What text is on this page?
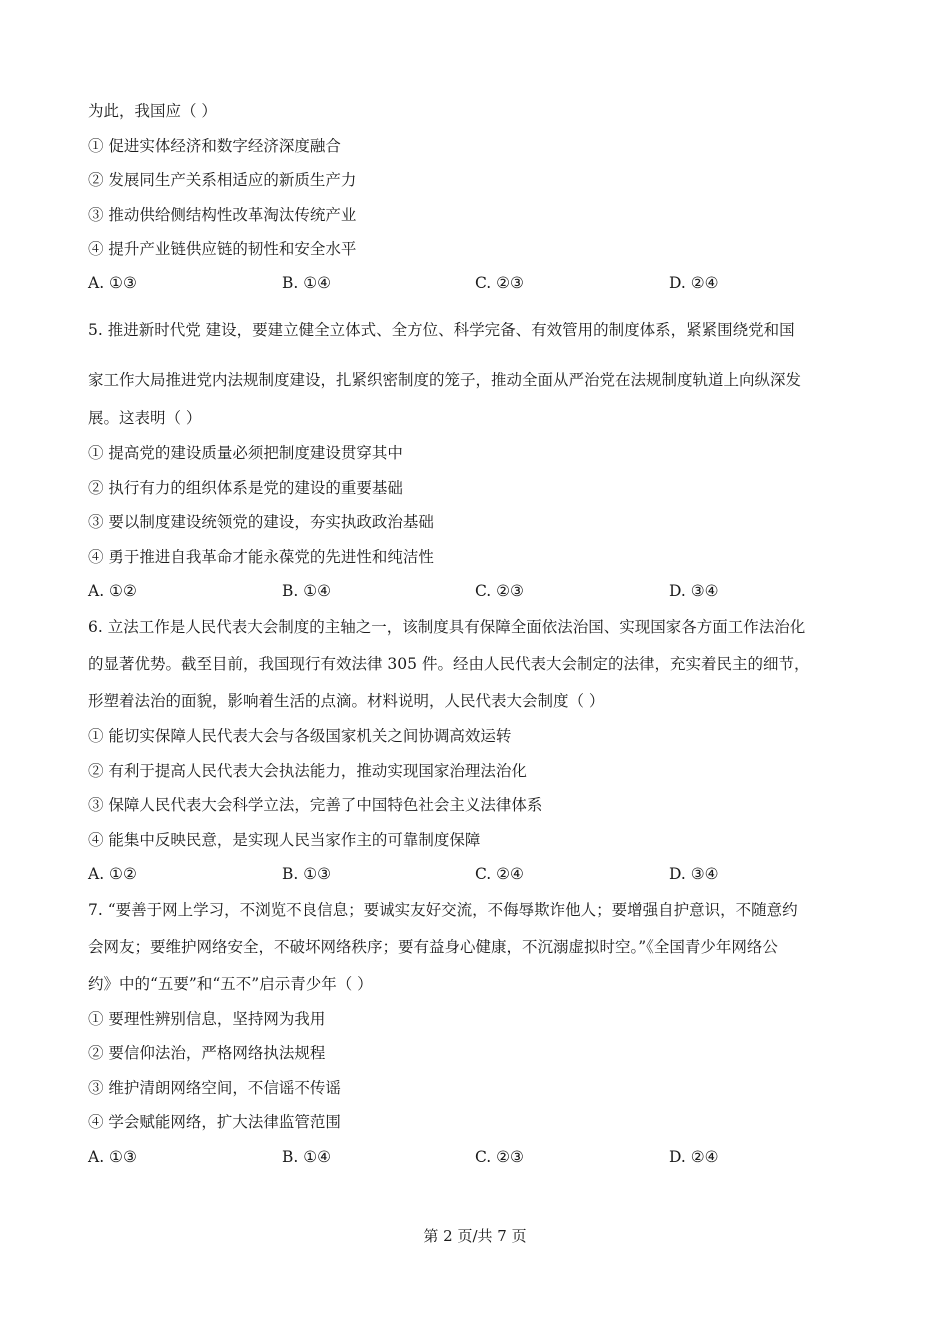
为此，我国应（ ）
① 促进实体经济和数字经济深度融合
② 发展同生产关系相适应的新质生产力
③ 推动供给侧结构性改革淘汰传统产业
④ 提升产业链供应链的韧性和安全水平
A. ①③	B. ①④	C. ②③	D. ②④
5. 推进新时代党 建设，要建立健全立体式、全方位、科学完备、有效管用的制度体系，紧紧围绕党和国
家工作大局推进党内法规制度建设，扎紧织密制度的笼子，推动全面从严治党在法规制度轨道上向纵深发
展。这表明（ ）
① 提高党的建设质量必须把制度建设贯穿其中
② 执行有力的组织体系是党的建设的重要基础
③ 要以制度建设统领党的建设，夯实执政政治基础
④ 勇于推进自我革命才能永葆党的先进性和纯洁性
A. ①②	B. ①④	C. ②③	D. ③④
6. 立法工作是人民代表大会制度的主轴之一，该制度具有保障全面依法治国、实现国家各方面工作法治化
的显著优势。截至目前，我国现行有效法律 305 件。经由人民代表大会制定的法律，充实着民主的细节，
形塑着法治的面貌，影响着生活的点滴。材料说明，人民代表大会制度（ ）
① 能切实保障人民代表大会与各级国家机关之间协调高效运转
② 有利于提高人民代表大会执法能力，推动实现国家治理法治化
③ 保障人民代表大会科学立法，完善了中国特色社会主义法律体系
④ 能集中反映民意，是实现人民当家作主的可靠制度保障
A. ①②	B. ①③	C. ②④	D. ③④
7. “要善于网上学习，不浏览不良信息；要诚实友好交流，不侮辱欺诈他人；要增强自护意识，不随意约
会网友；要维护网络安全，不破坏网络秩序；要有益身心健康，不沉溺虚拟时空。”《全国青少年网络公
约》中的“五要”和“五不”启示青少年（ ）
① 要理性辨别信息，坚持网为我用
② 要信仰法治，严格网络执法规程
③ 维护清朗网络空间，不信谣不传谣
④ 学会赋能网络，扩大法律监管范围
A. ①③	B. ①④	C. ②③	D. ②④
第 2 页/共 7 页
